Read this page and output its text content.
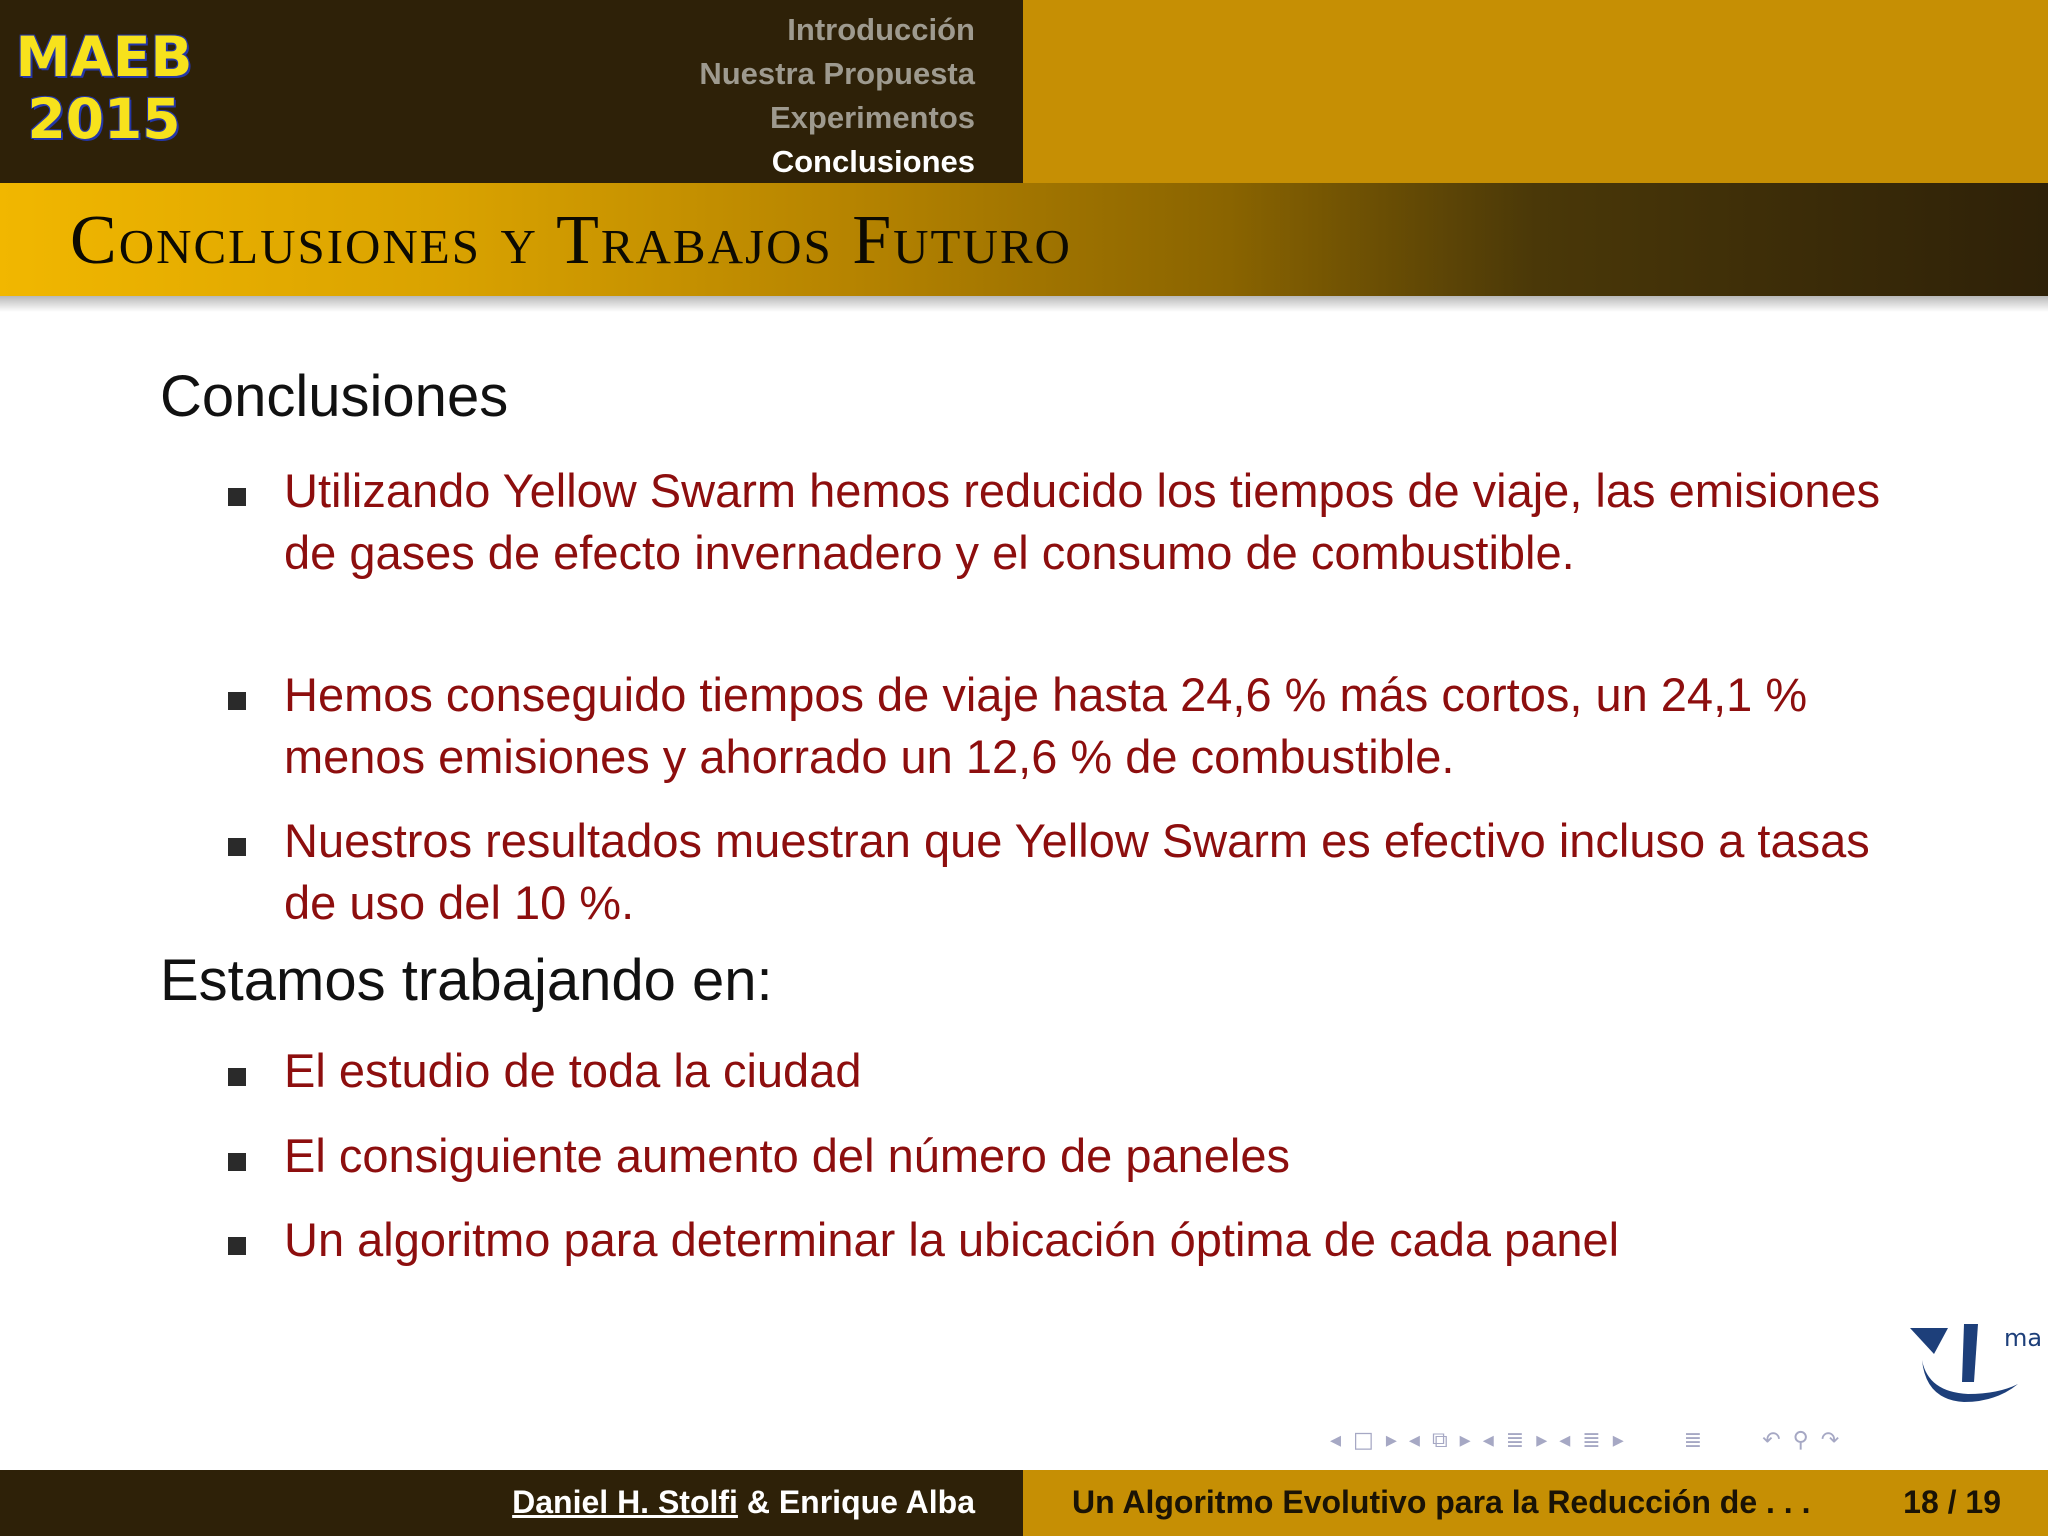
MAEB
2015
Introducción
Nuestra Propuesta
Experimentos
Conclusiones
Conclusiones y Trabajos Futuro
Conclusiones
Utilizando Yellow Swarm hemos reducido los tiempos de viaje, las emisiones de gases de efecto invernadero y el consumo de combustible.
Hemos conseguido tiempos de viaje hasta 24,6 % más cortos, un 24,1 % menos emisiones y ahorrado un 12,6 % de combustible.
Nuestros resultados muestran que Yellow Swarm es efectivo incluso a tasas de uso del 10 %.
Estamos trabajando en:
El estudio de toda la ciudad
El consiguiente aumento del número de paneles
Un algoritmo para determinar la ubicación óptima de cada panel
ma
◂ □ ▸ ◂ ⧉ ▸ ◂ ≣ ▸ ◂ ≣ ▸	≣	↶ ⚲ ↷
Daniel H. Stolfi & Enrique Alba	Un Algoritmo Evolutivo para la Reducción de . . .	18 / 19
